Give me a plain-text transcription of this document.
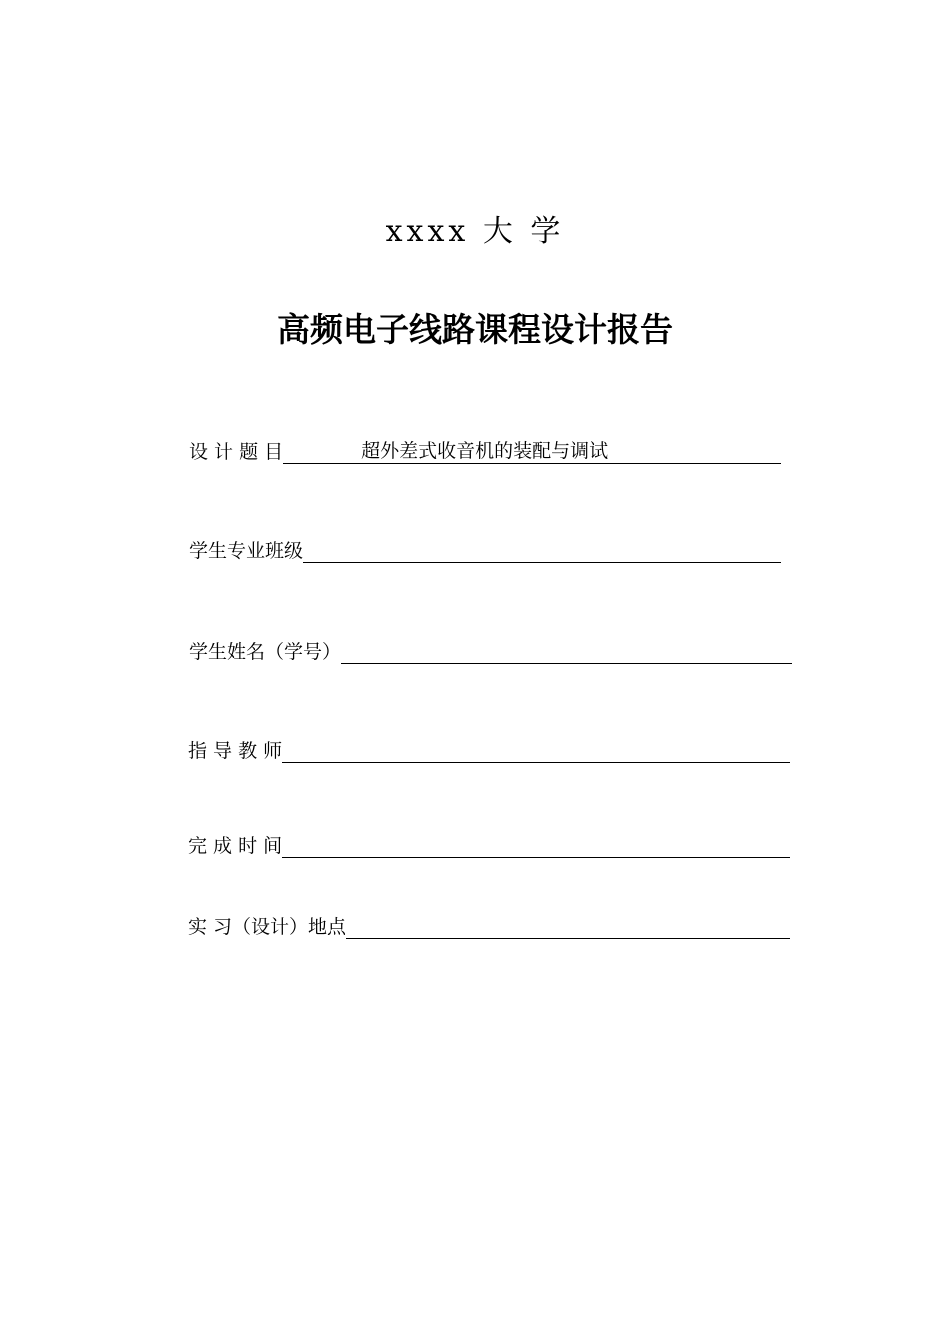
xxxx 大 学
高频电子线路课程设计报告
设 计 题 目	超外差式收音机的装配与调试
学生专业班级
学生姓名（学号）
指 导 教 师
完 成 时 间
实 习（设计）地点
